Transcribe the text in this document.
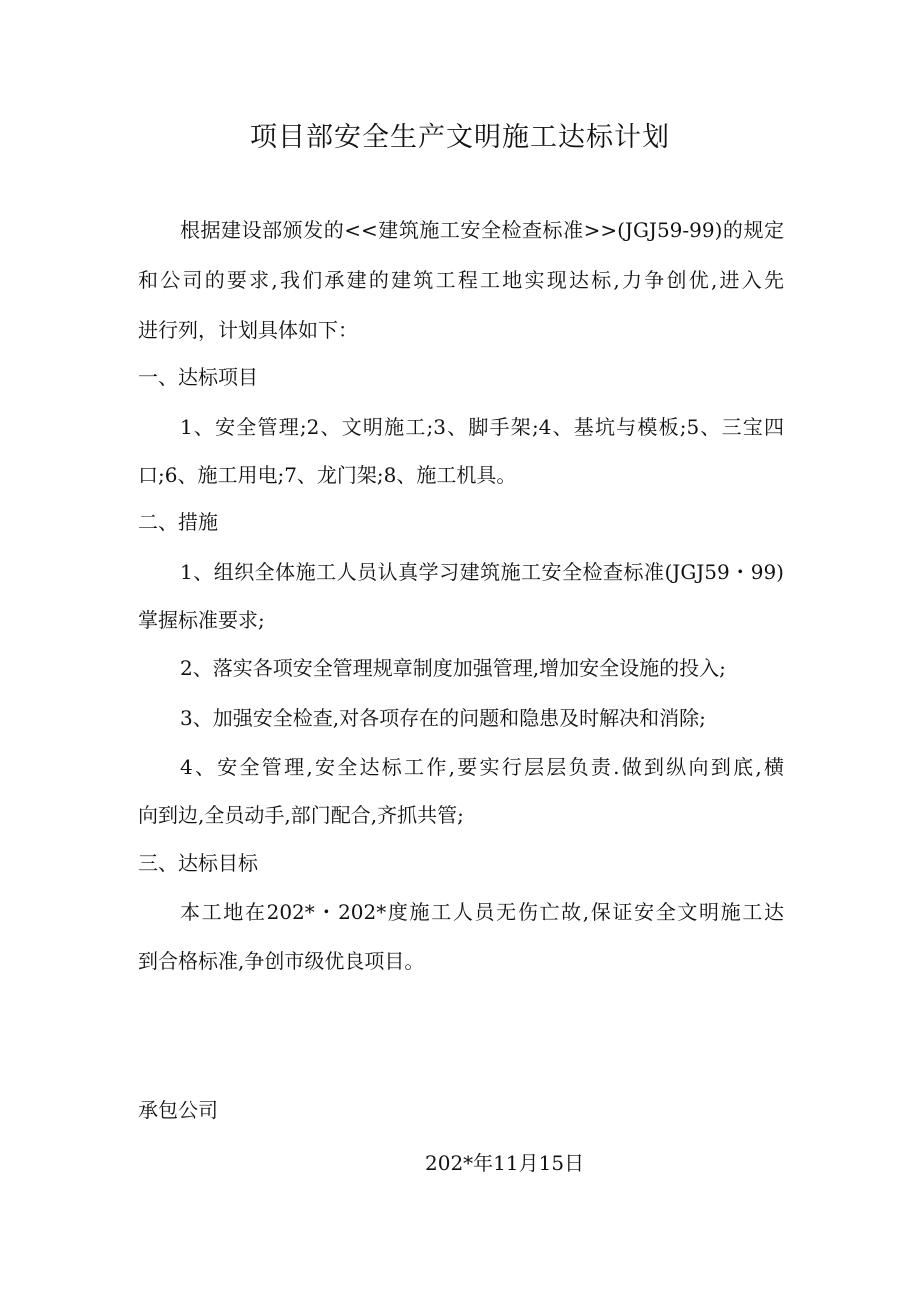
项目部安全生产文明施工达标计划
根据建设部颁发的<<建筑施工安全检查标准>>(JGJ59-99)的规定
和公司的要求,我们承建的建筑工程工地实现达标,力争创优,进入先
进行列，计划具体如下：
一、达标项目
1、安全管理;2、文明施工;3、脚手架;4、基坑与模板;5、三宝四
口;6、施工用电;7、龙门架;8、施工机具。
二、措施
1、组织全体施工人员认真学习建筑施工安全检查标准(JGJ59・99)
掌握标准要求;
2、落实各项安全管理规章制度加强管理,增加安全设施的投入;
3、加强安全检查,对各项存在的问题和隐患及时解决和消除;
4、安全管理,安全达标工作,要实行层层负责.做到纵向到底,横
向到边,全员动手,部门配合,齐抓共管;
三、达标目标
本工地在202*・202*度施工人员无伤亡故,保证安全文明施工达
到合格标准,争创市级优良项目。
承包公司
202*年11月15日
